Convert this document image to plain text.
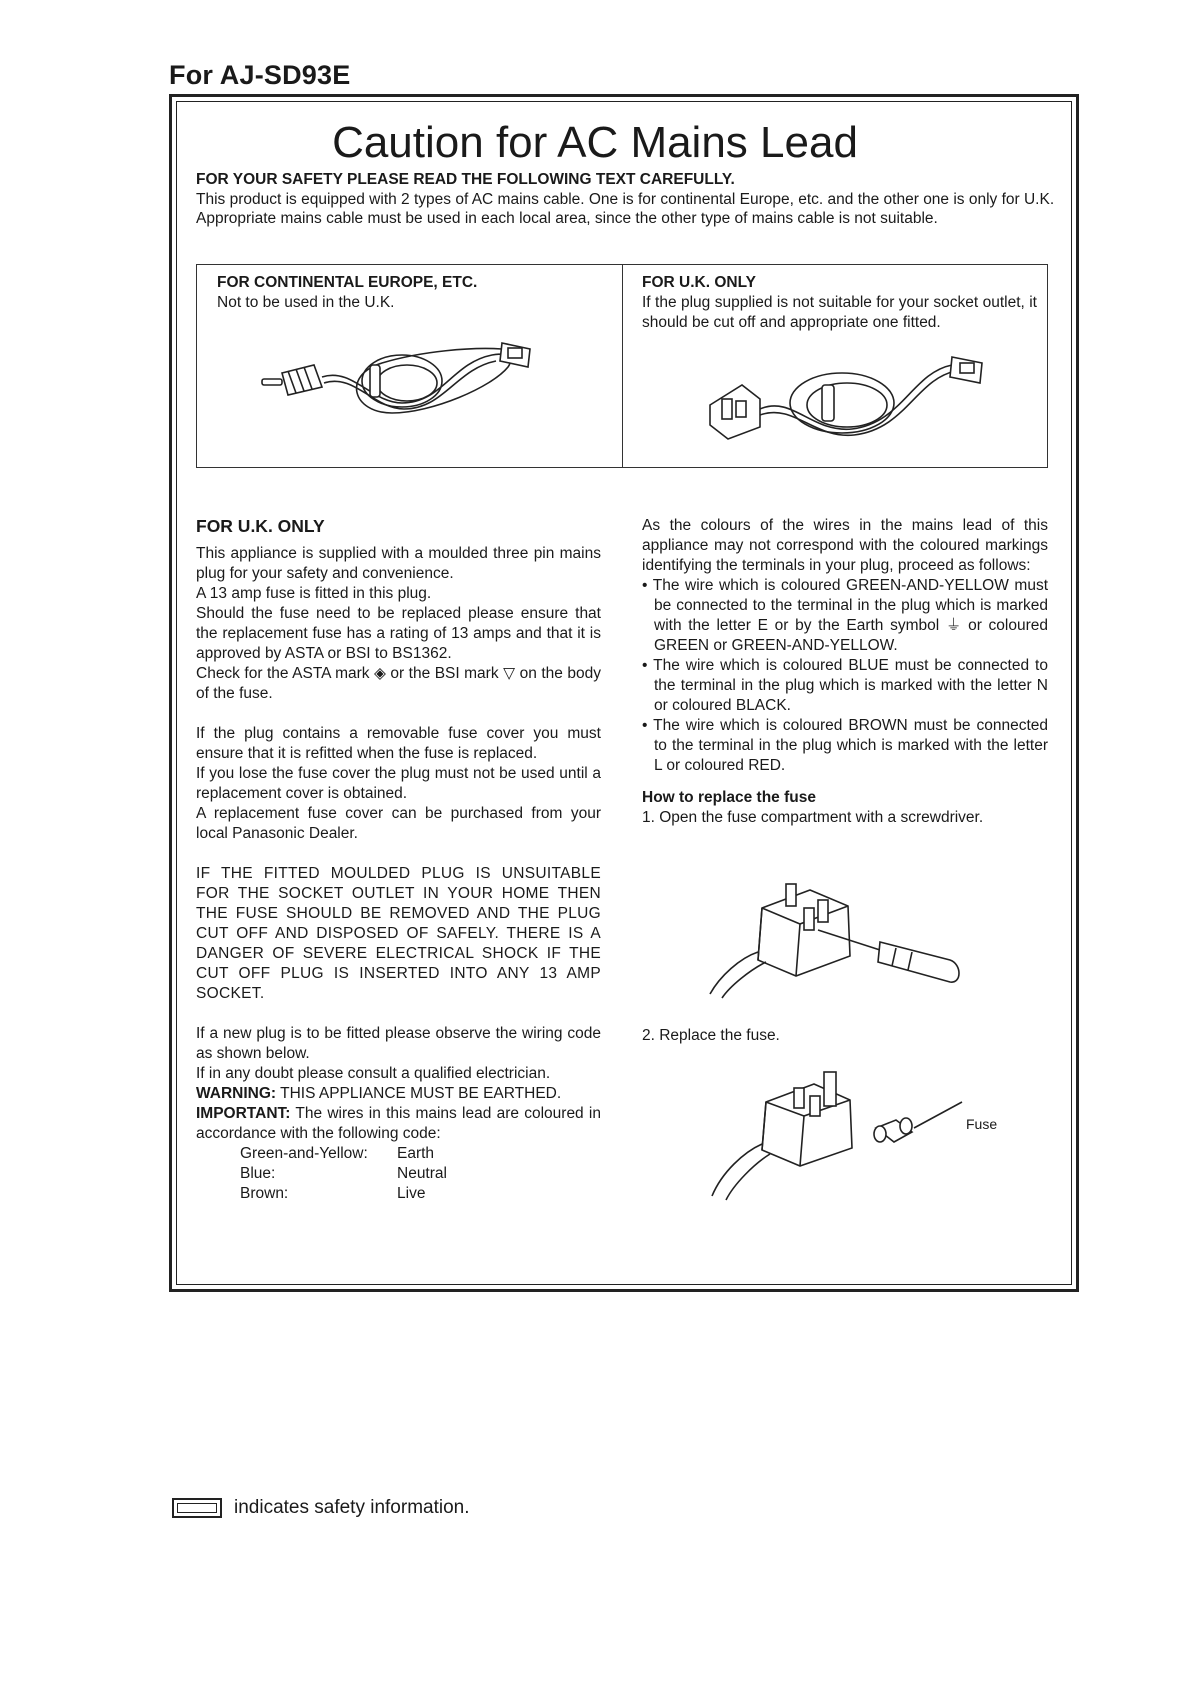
For AJ-SD93E
Caution for AC Mains Lead

FOR YOUR SAFETY PLEASE READ THE FOLLOWING TEXT CAREFULLY.

This product is equipped with 2 types of AC mains cable. One is for continental Europe, etc. and the other one is only for U.K.

Appropriate mains cable must be used in each local area, since the other type of mains cable is not suitable.

FOR CONTINENTAL EUROPE, ETC.

Not to be used in the U.K.

FOR U.K. ONLY

If the plug supplied is not suitable for your socket outlet, it should be cut off and appropriate one fitted.

FOR U.K. ONLY

This appliance is supplied with a moulded three pin mains plug for your safety and convenience.

A 13 amp fuse is fitted in this plug.

Should the fuse need to be replaced please ensure that the replacement fuse has a rating of 13 amps and that it is approved by ASTA or BSI to BS1362.

Check for the ASTA mark ◈ or the BSI mark ▽ on the body of the fuse.

If the plug contains a removable fuse cover you must ensure that it is refitted when the fuse is replaced.

If you lose the fuse cover the plug must not be used until a replacement cover is obtained.

A replacement fuse cover can be purchased from your local Panasonic Dealer.

IF THE FITTED MOULDED PLUG IS UNSUITABLE FOR THE SOCKET OUTLET IN YOUR HOME THEN THE FUSE SHOULD BE REMOVED AND THE PLUG CUT OFF AND DISPOSED OF SAFELY. THERE IS A DANGER OF SEVERE ELECTRICAL SHOCK IF THE CUT OFF PLUG IS INSERTED INTO ANY 13 AMP SOCKET.

If a new plug is to be fitted please observe the wiring code as shown below.

If in any doubt please consult a qualified electrician.

WARNING: THIS APPLIANCE MUST BE EARTHED.

IMPORTANT: The wires in this mains lead are coloured in accordance with the following code:

Green-and-Yellow:	Earth
Blue:	Neutral
Brown:	Live

As the colours of the wires in the mains lead of this appliance may not correspond with the coloured markings identifying the terminals in your plug, proceed as follows:

• The wire which is coloured GREEN-AND-YELLOW must be connected to the terminal in the plug which is marked with the letter E or by the Earth symbol ⏚ or coloured GREEN or GREEN-AND-YELLOW.

• The wire which is coloured BLUE must be connected to the terminal in the plug which is marked with the letter N or coloured BLACK.

• The wire which is coloured BROWN must be connected to the terminal in the plug which is marked with the letter L or coloured RED.

How to replace the fuse

1. Open the fuse compartment with a screwdriver.

2. Replace the fuse.
Fuse
indicates safety information.
